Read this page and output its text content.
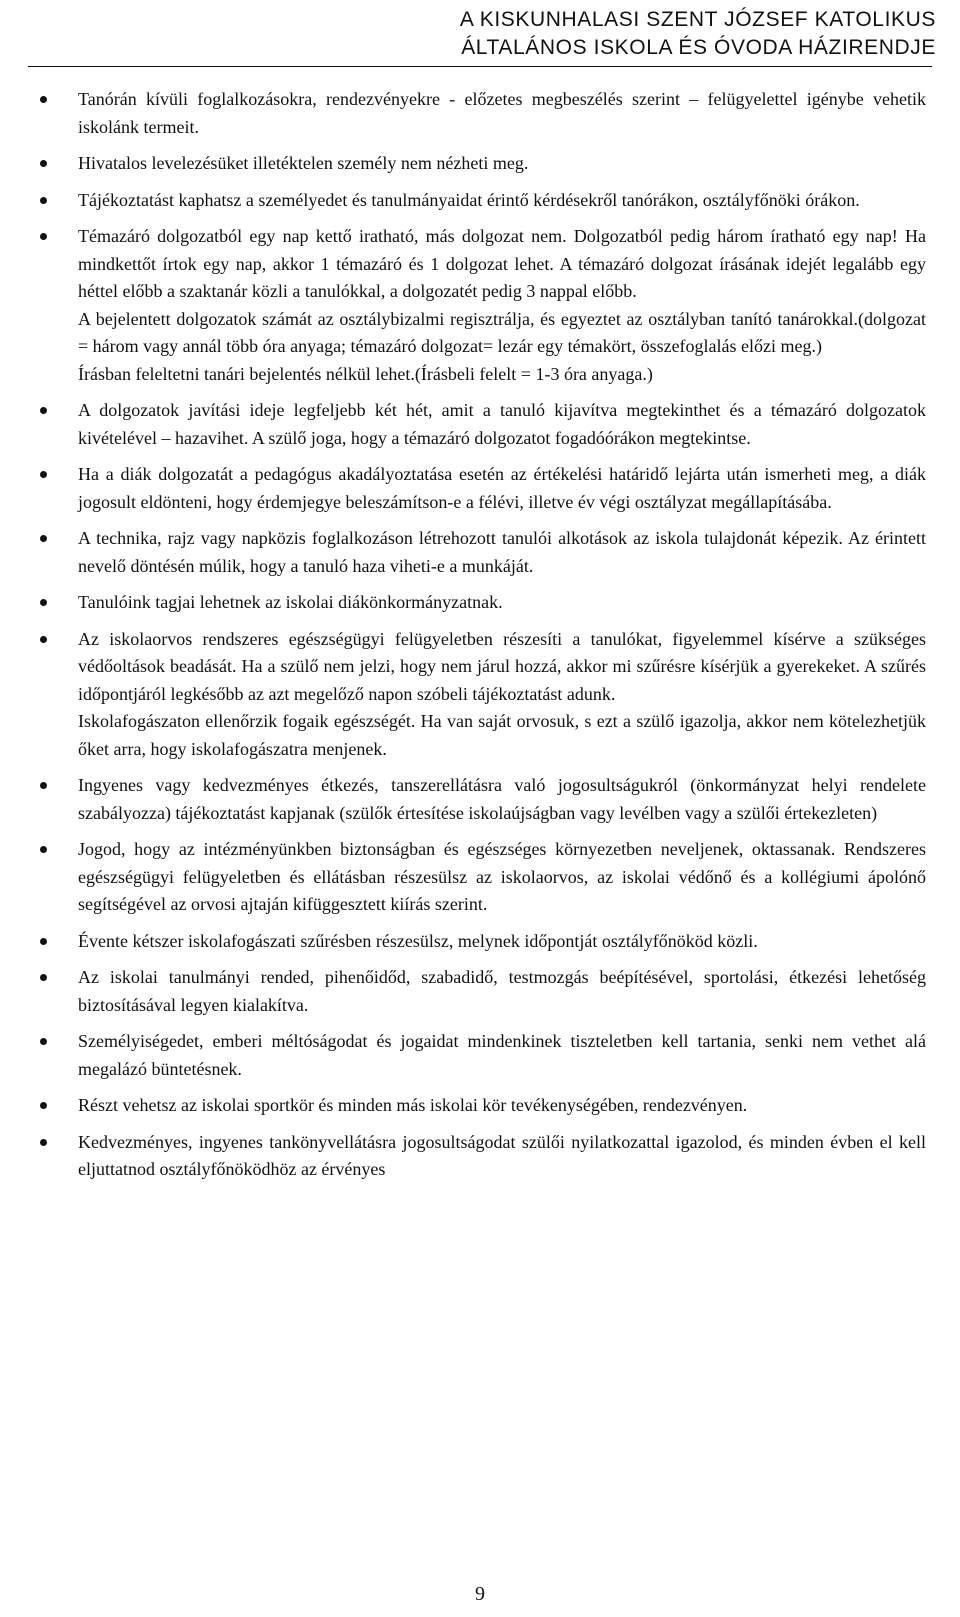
A KISKUNHALASI SZENT JÓZSEF KATOLIKUS
ÁLTALÁNOS ISKOLA ÉS ÓVODA HÁZIRENDJE

Tanórán kívüli foglalkozásokra, rendezvényekre - előzetes megbeszélés szerint – felügyelettel igénybe vehetik iskolánk termeit.

Hivatalos levelezésüket illetéktelen személy nem nézheti meg.

Tájékoztatást kaphatsz a személyedet és tanulmányaidat érintő kérdésekről tanórákon, osztályfőnöki órákon.

Témazáró dolgozatból egy nap kettő iratható, más dolgozat nem. Dolgozatból pedig három íratható egy nap! Ha mindkettőt írtok egy nap, akkor 1 témazáró és 1 dolgozat lehet. A témazáró dolgozat írásának idejét legalább egy héttel előbb a szaktanár közli a tanulókkal, a dolgozatét pedig 3 nappal előbb.

A bejelentett dolgozatok számát az osztálybizalmi regisztrálja, és egyeztet az osztályban tanító tanárokkal.(dolgozat = három vagy annál több óra anyaga; témazáró dolgozat= lezár egy témakört, összefoglalás előzi meg.)

Írásban feleltetni tanári bejelentés nélkül lehet.(Írásbeli felelt = 1-3 óra anyaga.)

A dolgozatok javítási ideje legfeljebb két hét, amit a tanuló kijavítva megtekinthet és a témazáró dolgozatok kivételével – hazavihet. A szülő joga, hogy a témazáró dolgozatot fogadóórákon megtekintse.

Ha a diák dolgozatát a pedagógus akadályoztatása esetén az értékelési határidő lejárta után ismerheti meg, a diák jogosult eldönteni, hogy érdemjegye beleszámítson-e a félévi, illetve év végi osztályzat megállapításába.

A technika, rajz vagy napközis foglalkozáson létrehozott tanulói alkotások az iskola tulajdonát képezik. Az érintett nevelő döntésén múlik, hogy a tanuló haza viheti-e a munkáját.

Tanulóink tagjai lehetnek az iskolai diákönkormányzatnak.

Az iskolaorvos rendszeres egészségügyi felügyeletben részesíti a tanulókat, figyelemmel kísérve a szükséges védőoltások beadását. Ha a szülő nem jelzi, hogy nem járul hozzá, akkor mi szűrésre kísérjük a gyerekeket. A szűrés időpontjáról legkésőbb az azt megelőző napon szóbeli tájékoztatást adunk.

Iskolafogászaton ellenőrzik fogaik egészségét. Ha van saját orvosuk, s ezt a szülő igazolja, akkor nem kötelezhetjük őket arra, hogy iskolafogászatra menjenek.

Ingyenes vagy kedvezményes étkezés, tanszerellátásra való jogosultságukról (önkormányzat helyi rendelete szabályozza) tájékoztatást kapjanak (szülők értesítése iskolaújságban vagy levélben vagy a szülői értekezleten)

Jogod, hogy az intézményünkben biztonságban és egészséges környezetben neveljenek, oktassanak. Rendszeres egészségügyi felügyeletben és ellátásban részesülsz az iskolaorvos, az iskolai védőnő és a kollégiumi ápolónő segítségével az orvosi ajtaján kifüggesztett kiírás szerint.

Évente kétszer iskolafogászati szűrésben részesülsz, melynek időpontját osztályfőnököd közli.

Az iskolai tanulmányi rended, pihenőidőd, szabadidő, testmozgás beépítésével, sportolási, étkezési lehetőség biztosításával legyen kialakítva.

Személyiségedet, emberi méltóságodat és jogaidat mindenkinek tiszteletben kell tartania, senki nem vethet alá megalázó büntetésnek.

Részt vehetsz az iskolai sportkör és minden más iskolai kör tevékenységében, rendezvényen.

Kedvezményes, ingyenes tankönyvellátásra jogosultságodat szülői nyilatkozattal igazolod, és minden évben el kell eljuttatnod osztályfőnöködhöz az érvényes

9
